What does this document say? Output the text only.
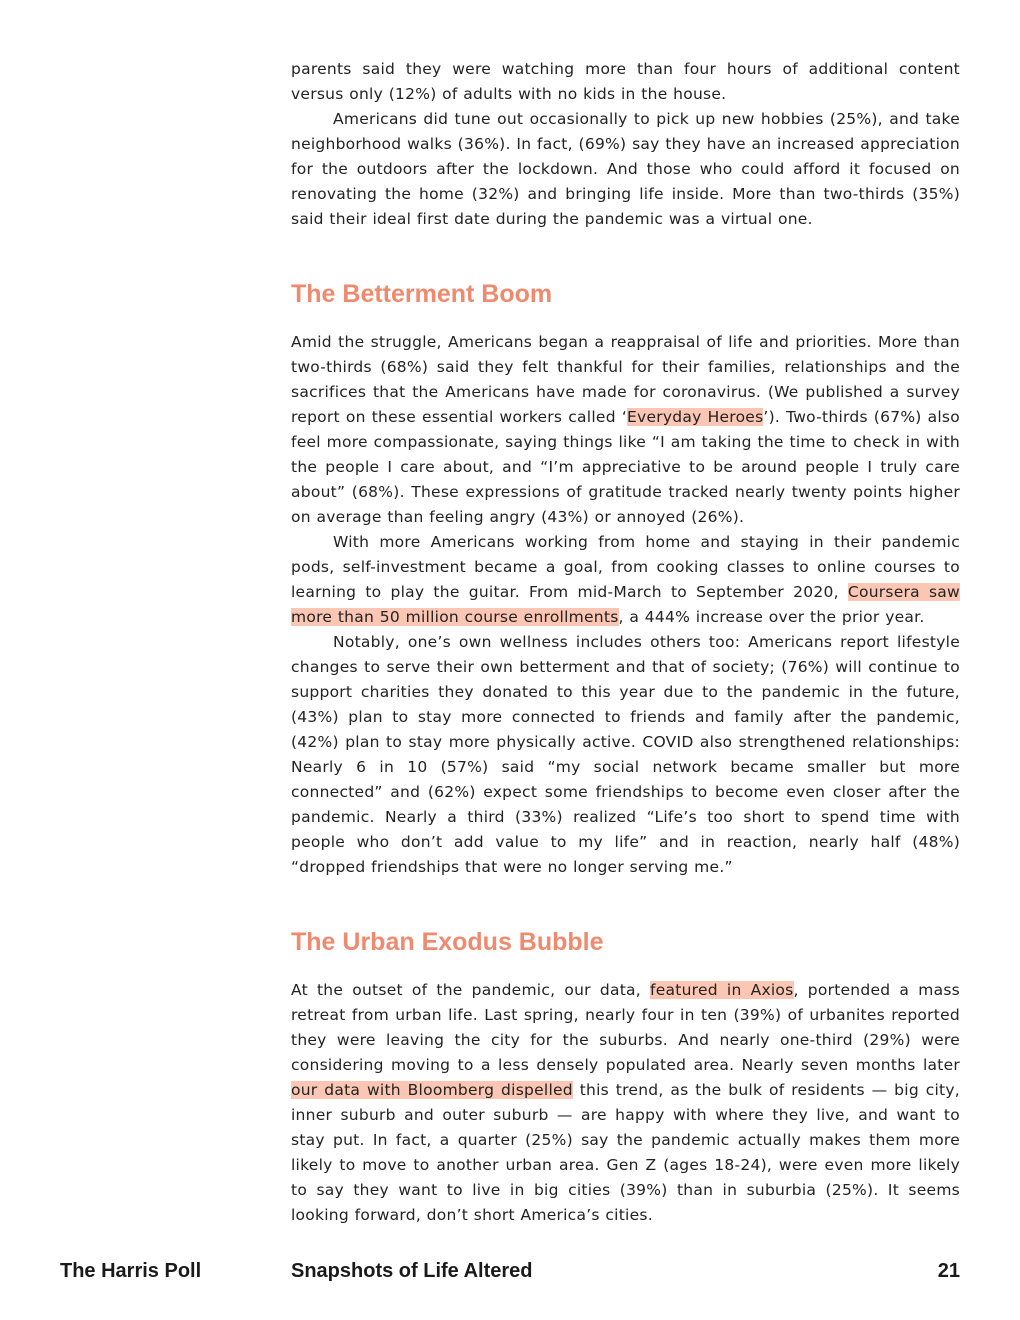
parents said they were watching more than four hours of additional content versus only (12%) of adults with no kids in the house.

Americans did tune out occasionally to pick up new hobbies (25%), and take neighborhood walks (36%). In fact, (69%) say they have an increased appreciation for the outdoors after the lockdown. And those who could afford it focused on renovating the home (32%) and bringing life inside. More than two-thirds (35%) said their ideal first date during the pandemic was a virtual one.

The Betterment Boom

Amid the struggle, Americans began a reappraisal of life and priorities. More than two-thirds (68%) said they felt thankful for their families, relationships and the sacrifices that the Americans have made for coronavirus. (We published a survey report on these essential workers called ‘Everyday Heroes’). Two-thirds (67%) also feel more compassionate, saying things like “I am taking the time to check in with the people I care about, and “I’m appreciative to be around people I truly care about” (68%). These expressions of gratitude tracked nearly twenty points higher on average than feeling angry (43%) or annoyed (26%).

With more Americans working from home and staying in their pandemic pods, self-investment became a goal, from cooking classes to online courses to learning to play the guitar. From mid-March to September 2020, Coursera saw more than 50 million course enrollments, a 444% increase over the prior year.

Notably, one’s own wellness includes others too: Americans report lifestyle changes to serve their own betterment and that of society; (76%) will continue to support charities they donated to this year due to the pandemic in the future, (43%) plan to stay more connected to friends and family after the pandemic, (42%) plan to stay more physically active. COVID also strengthened relationships: Nearly 6 in 10 (57%) said “my social network became smaller but more connected” and (62%) expect some friendships to become even closer after the pandemic. Nearly a third (33%) realized “Life’s too short to spend time with people who don’t add value to my life” and in reaction, nearly half (48%) “dropped friendships that were no longer serving me.”

The Urban Exodus Bubble

At the outset of the pandemic, our data, featured in Axios, portended a mass retreat from urban life. Last spring, nearly four in ten (39%) of urbanites reported they were leaving the city for the suburbs. And nearly one-third (29%) were considering moving to a less densely populated area. Nearly seven months later our data with Bloomberg dispelled this trend, as the bulk of residents — big city, inner suburb and outer suburb — are happy with where they live, and want to stay put. In fact, a quarter (25%) say the pandemic actually makes them more likely to move to another urban area. Gen Z (ages 18-24), were even more likely to say they want to live in big cities (39%) than in suburbia (25%). It seems looking forward, don’t short America’s cities.

The Harris Poll	Snapshots of Life Altered	21
